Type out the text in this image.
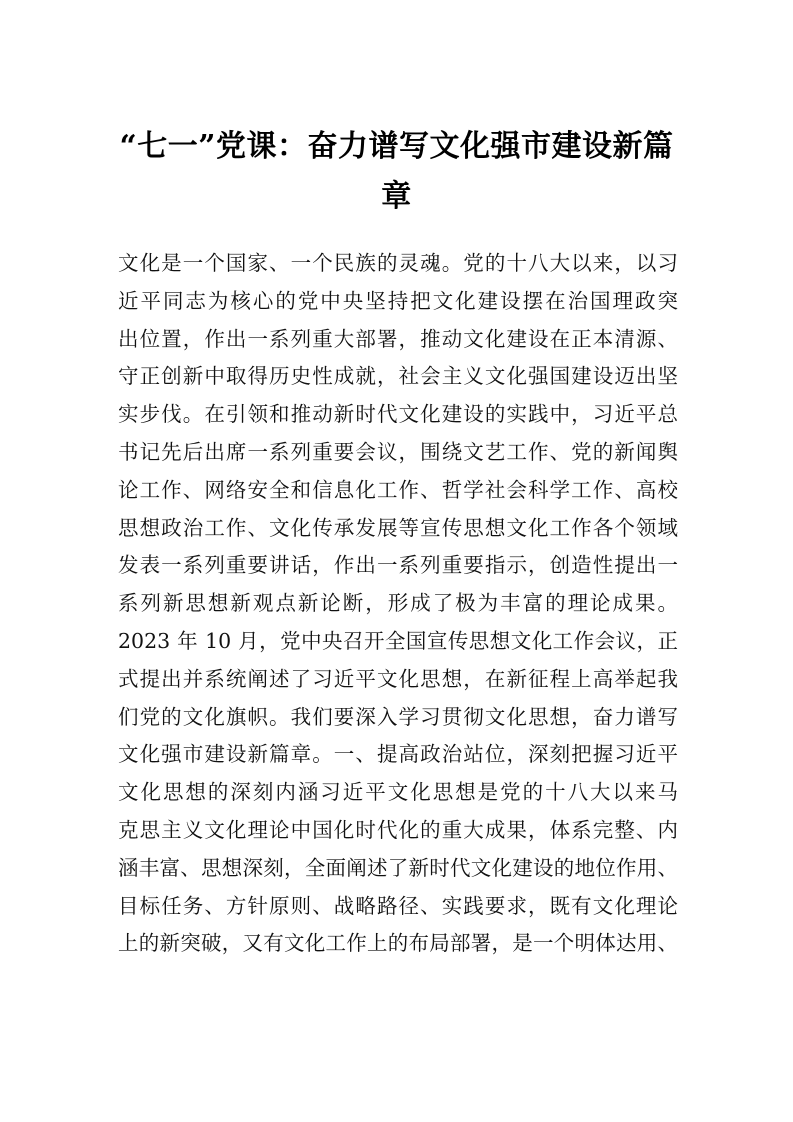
“七一”党课：奋力谱写文化强市建设新篇
章
文化是一个国家、一个民族的灵魂。党的十八大以来，以习
近平同志为核心的党中央坚持把文化建设摆在治国理政突
出位置，作出一系列重大部署，推动文化建设在正本清源、
守正创新中取得历史性成就，社会主义文化强国建设迈出坚
实步伐。在引领和推动新时代文化建设的实践中，习近平总
书记先后出席一系列重要会议，围绕文艺工作、党的新闻舆
论工作、网络安全和信息化工作、哲学社会科学工作、高校
思想政治工作、文化传承发展等宣传思想文化工作各个领域
发表一系列重要讲话，作出一系列重要指示，创造性提出一
系列新思想新观点新论断，形成了极为丰富的理论成果。
2023 年 10 月，党中央召开全国宣传思想文化工作会议，正
式提出并系统阐述了习近平文化思想，在新征程上高举起我
们党的文化旗帜。我们要深入学习贯彻文化思想，奋力谱写
文化强市建设新篇章。一、提高政治站位，深刻把握习近平
文化思想的深刻内涵习近平文化思想是党的十八大以来马
克思主义文化理论中国化时代化的重大成果，体系完整、内
涵丰富、思想深刻，全面阐述了新时代文化建设的地位作用、
目标任务、方针原则、战略路径、实践要求，既有文化理论
上的新突破，又有文化工作上的布局部署，是一个明体达用、
